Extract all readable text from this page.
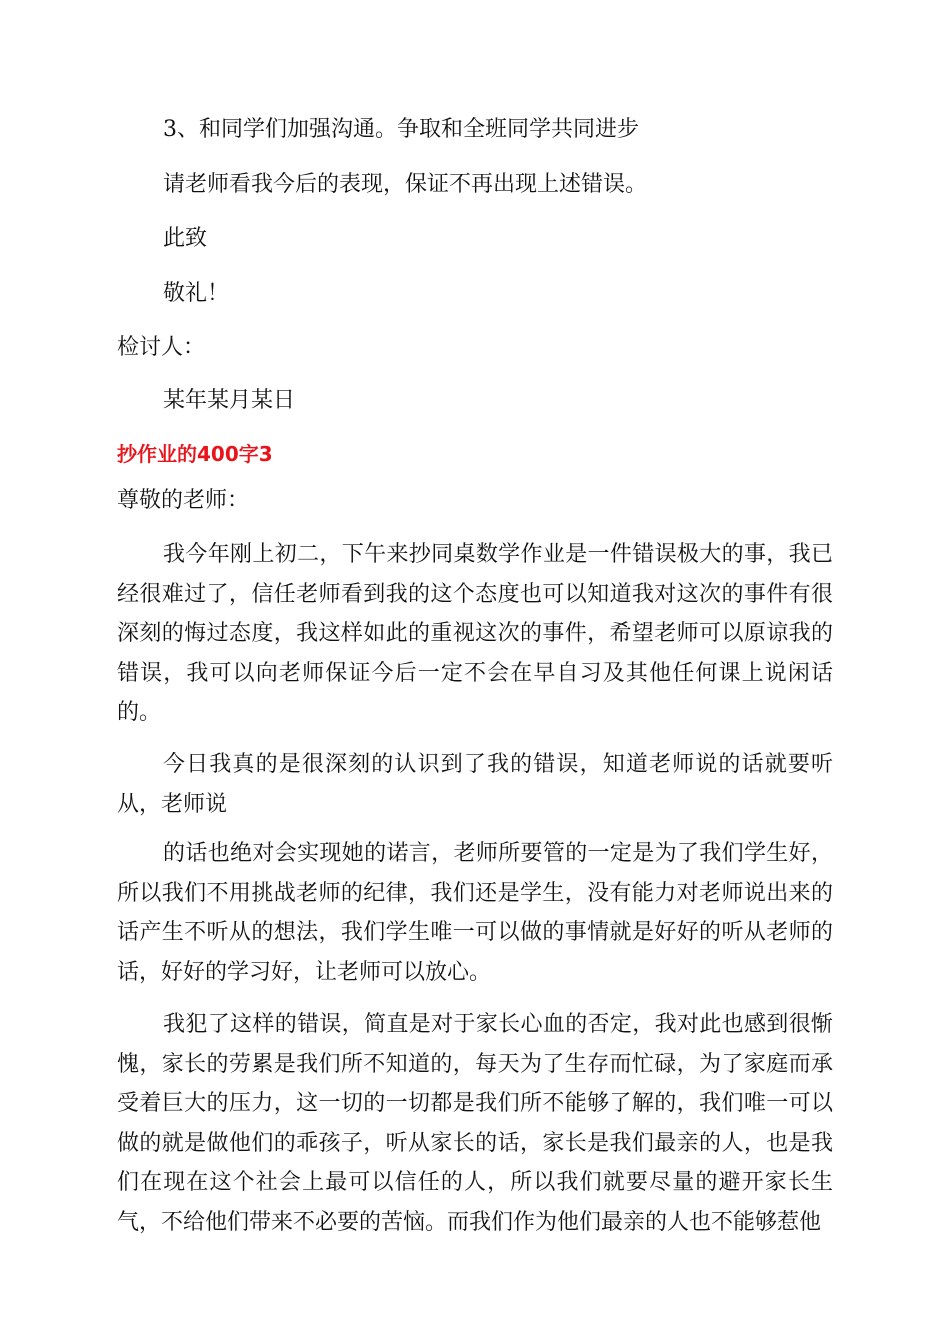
3、和同学们加强沟通。争取和全班同学共同进步

请老师看我今后的表现，保证不再出现上述错误。

此致

敬礼！

检讨人：

某年某月某日

抄作业的400字3

尊敬的老师：

我今年刚上初二，下午来抄同桌数学作业是一件错误极大的事，我已经很难过了，信任老师看到我的这个态度也可以知道我对这次的事件有很深刻的悔过态度，我这样如此的重视这次的事件，希望老师可以原谅我的错误，我可以向老师保证今后一定不会在早自习及其他任何课上说闲话的。

今日我真的是很深刻的认识到了我的错误，知道老师说的话就要听从，老师说

的话也绝对会实现她的诺言，老师所要管的一定是为了我们学生好，所以我们不用挑战老师的纪律，我们还是学生，没有能力对老师说出来的话产生不听从的想法，我们学生唯一可以做的事情就是好好的听从老师的话，好好的学习好，让老师可以放心。

我犯了这样的错误，简直是对于家长心血的否定，我对此也感到很惭愧，家长的劳累是我们所不知道的，每天为了生存而忙碌，为了家庭而承受着巨大的压力，这一切的一切都是我们所不能够了解的，我们唯一可以做的就是做他们的乖孩子，听从家长的话，家长是我们最亲的人，也是我们在现在这个社会上最可以信任的人，所以我们就要尽量的避开家长生气，不给他们带来不必要的苦恼。而我们作为他们最亲的人也不能够惹他
